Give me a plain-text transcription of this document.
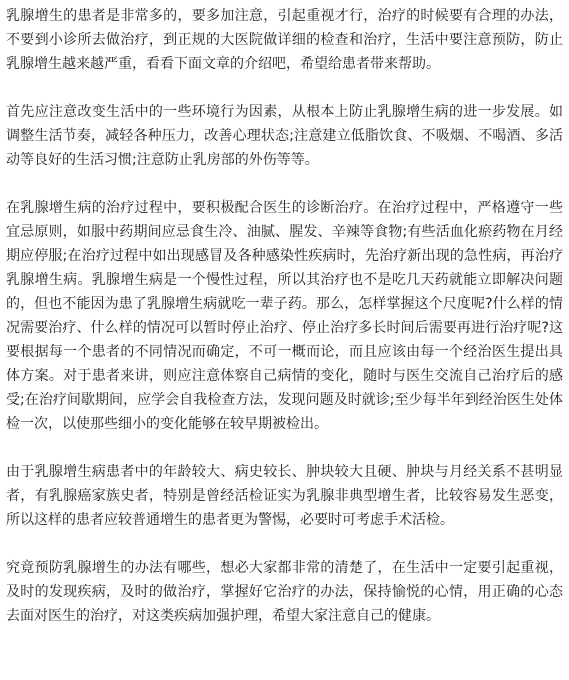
乳腺增生的患者是非常多的，要多加注意，引起重视才行，治疗的时候要有合理的办法，不要到小诊所去做治疗，到正规的大医院做详细的检查和治疗，生活中要注意预防，防止乳腺增生越来越严重，看看下面文章的介绍吧，希望给患者带来帮助。

首先应注意改变生活中的一些环境行为因素，从根本上防止乳腺增生病的进一步发展。如调整生活节奏，减轻各种压力，改善心理状态;注意建立低脂饮食、不吸烟、不喝酒、多活动等良好的生活习惯;注意防止乳房部的外伤等等。

在乳腺增生病的治疗过程中，要积极配合医生的诊断治疗。在治疗过程中，严格遵守一些宜忌原则，如服中药期间应忌食生冷、油腻、腥发、辛辣等食物;有些活血化瘀药物在月经期应停服;在治疗过程中如出现感冒及各种感染性疾病时，先治疗新出现的急性病，再治疗乳腺增生病。乳腺增生病是一个慢性过程，所以其治疗也不是吃几天药就能立即解决问题的，但也不能因为患了乳腺增生病就吃一辈子药。那么，怎样掌握这个尺度呢?什么样的情况需要治疗、什么样的情况可以暂时停止治疗、停止治疗多长时间后需要再进行治疗呢?这要根据每一个患者的不同情况而确定，不可一概而论，而且应该由每一个经治医生提出具体方案。对于患者来讲，则应注意体察自己病情的变化，随时与医生交流自己治疗后的感受;在治疗间歇期间，应学会自我检查方法，发现问题及时就诊;至少每半年到经治医生处体检一次，以使那些细小的变化能够在较早期被检出。

由于乳腺增生病患者中的年龄较大、病史较长、肿块较大且硬、肿块与月经关系不甚明显者，有乳腺癌家族史者，特别是曾经活检证实为乳腺非典型增生者，比较容易发生恶变，所以这样的患者应较普通增生的患者更为警惕，必要时可考虑手术活检。

究竟预防乳腺增生的办法有哪些，想必大家都非常的清楚了，在生活中一定要引起重视，及时的发现疾病，及时的做治疗，掌握好它治疗的办法，保持愉悦的心情，用正确的心态去面对医生的治疗，对这类疾病加强护理，希望大家注意自己的健康。
